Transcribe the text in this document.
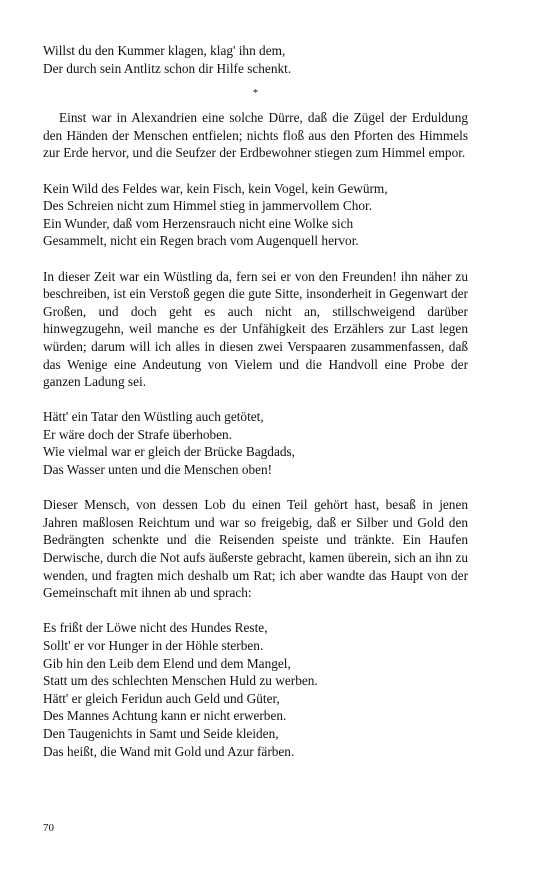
Willst du den Kummer klagen, klag' ihn dem,
Der durch sein Antlitz schon dir Hilfe schenkt.
*

Einst war in Alexandrien eine solche Dürre, daß die Zügel der Erduldung den Händen der Menschen entfielen; nichts floß aus den Pforten des Himmels zur Erde hervor, und die Seufzer der Erdbewohner stiegen zum Himmel empor.

Kein Wild des Feldes war, kein Fisch, kein Vogel, kein Gewürm,
Des Schreien nicht zum Himmel stieg in jammervollem Chor.
Ein Wunder, daß vom Herzensrauch nicht eine Wolke sich
Gesammelt, nicht ein Regen brach vom Augenquell hervor.

In dieser Zeit war ein Wüstling da, fern sei er von den Freunden! ihn näher zu beschreiben, ist ein Verstoß gegen die gute Sitte, insonderheit in Gegenwart der Großen, und doch geht es auch nicht an, stillschweigend darüber hinwegzugehn, weil manche es der Unfähigkeit des Erzählers zur Last legen würden; darum will ich alles in diesen zwei Verspaaren zusammenfassen, daß das Wenige eine Andeutung von Vielem und die Handvoll eine Probe der ganzen Ladung sei.

Hätt' ein Tatar den Wüstling auch getötet,
Er wäre doch der Strafe überhoben.
Wie vielmal war er gleich der Brücke Bagdads,
Das Wasser unten und die Menschen oben!

Dieser Mensch, von dessen Lob du einen Teil gehört hast, besaß in jenen Jahren maßlosen Reichtum und war so freigebig, daß er Silber und Gold den Bedrängten schenkte und die Reisenden speiste und tränkte. Ein Haufen Derwische, durch die Not aufs äußerste gebracht, kamen überein, sich an ihn zu wenden, und fragten mich deshalb um Rat; ich aber wandte das Haupt von der Gemeinschaft mit ihnen ab und sprach:

Es frißt der Löwe nicht des Hundes Reste,
Sollt' er vor Hunger in der Höhle sterben.
Gib hin den Leib dem Elend und dem Mangel,
Statt um des schlechten Menschen Huld zu werben.
Hätt' er gleich Feridun auch Geld und Güter,
Des Mannes Achtung kann er nicht erwerben.
Den Taugenichts in Samt und Seide kleiden,
Das heißt, die Wand mit Gold und Azur färben.
70
